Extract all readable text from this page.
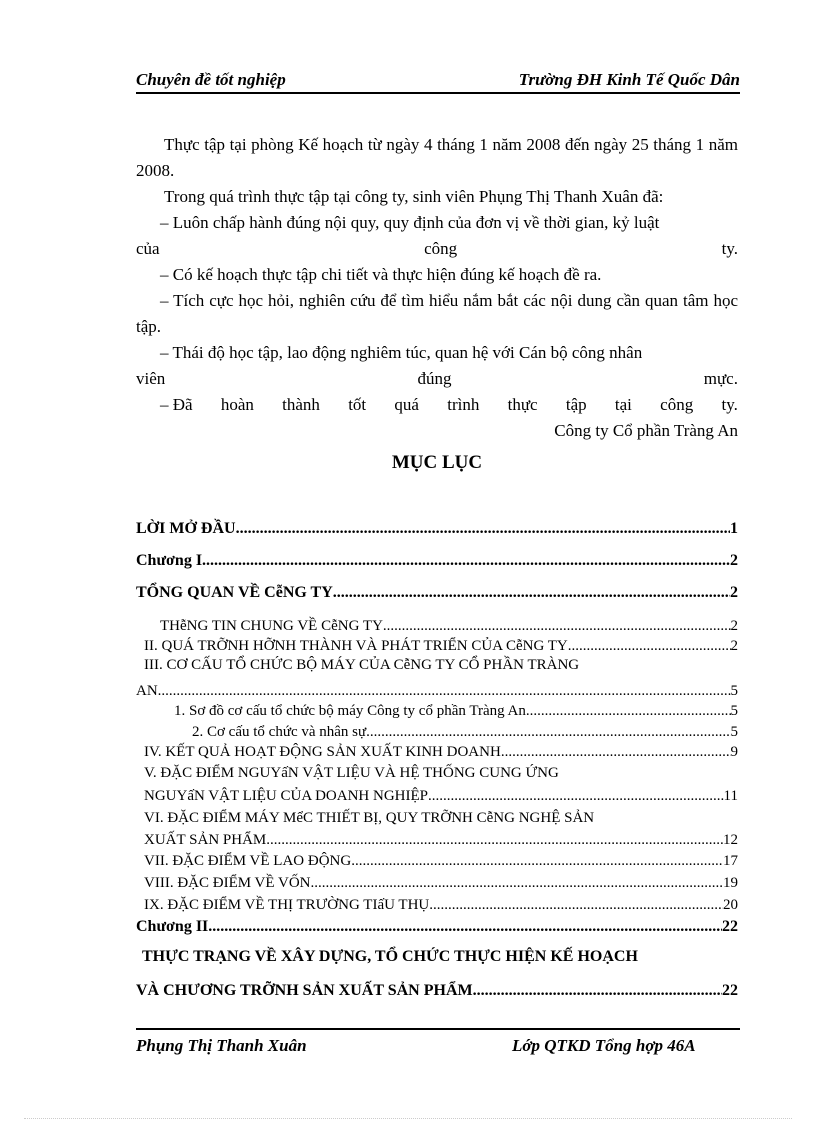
Chuyên đề tốt nghiệp	Trường ĐH Kinh Tế Quốc Dân

Thực tập tại phòng Kế hoạch từ ngày 4 tháng 1 năm 2008 đến ngày 25 tháng 1 năm 2008.

Trong quá trình thực tập tại công ty, sinh viên Phụng Thị Thanh Xuân đã:

– Luôn chấp hành đúng nội quy, quy định của đơn vị về thời gian, kỷ luật

của	công	ty.

– Có kế hoạch thực tập chi tiết và thực hiện đúng kế hoạch đề ra.

– Tích cực học hỏi, nghiên cứu để tìm hiểu nắm bắt các nội dung cần quan tâm học tập.

– Thái độ học tập, lao động nghiêm túc, quan hệ với Cán bộ công nhân

viên	đúng	mực.
– Đã hoàn thành tốt quá trình thực tập tại công ty.

Công ty Cổ phần Tràng An

MỤC LỤC
LỜI MỞ ĐẦU .....	1
Chương I .....	2
TỔNG QUAN VỀ CễNG TY .....	2
THễNG TIN CHUNG VỀ CễNG TY .....	2
II. QUÁ TRỠNH HỠNH THÀNH VÀ PHÁT TRIỂN CỦA CễNG TY .....	2
III. CƠ CẤU TỔ CHỨC BỘ MÁY CỦA CễNG TY CỔ PHẦN TRÀNG
AN .....	5
1. Sơ đồ cơ cấu tổ chức bộ máy Công ty cổ phần Tràng An .....	5
2. Cơ cấu tổ chức và nhân sự .....	5
IV. KẾT QUẢ HOẠT ĐỘNG SẢN XUẤT KINH DOANH .....	9
V. ĐẶC ĐIỂM NGUYấN VẬT LIỆU VÀ HỆ THỐNG CUNG ỨNG
NGUYấN VẬT LIỆU CỦA DOANH NGHIỆP .....	11
VI. ĐẶC ĐIỂM MÁY MểC THIẾT BỊ, QUY TRỠNH CễNG NGHỆ SẢN
XUẤT SẢN PHẨM .....	12
VII. ĐẶC ĐIỂM VỀ LAO ĐỘNG .....	17
VIII. ĐẶC ĐIỂM VỀ VỐN .....	19
IX. ĐẶC ĐIỂM VỀ THỊ TRƯỜNG TIấU THỤ .....	20
Chương II .....	22
THỰC TRẠNG VỀ XÂY DỰNG, TỔ CHỨC THỰC HIỆN KẾ HOẠCH
VÀ CHƯƠNG TRỠNH SẢN XUẤT SẢN PHẨM .....	22
Phụng Thị Thanh Xuân	Lớp QTKD Tổng hợp 46A
